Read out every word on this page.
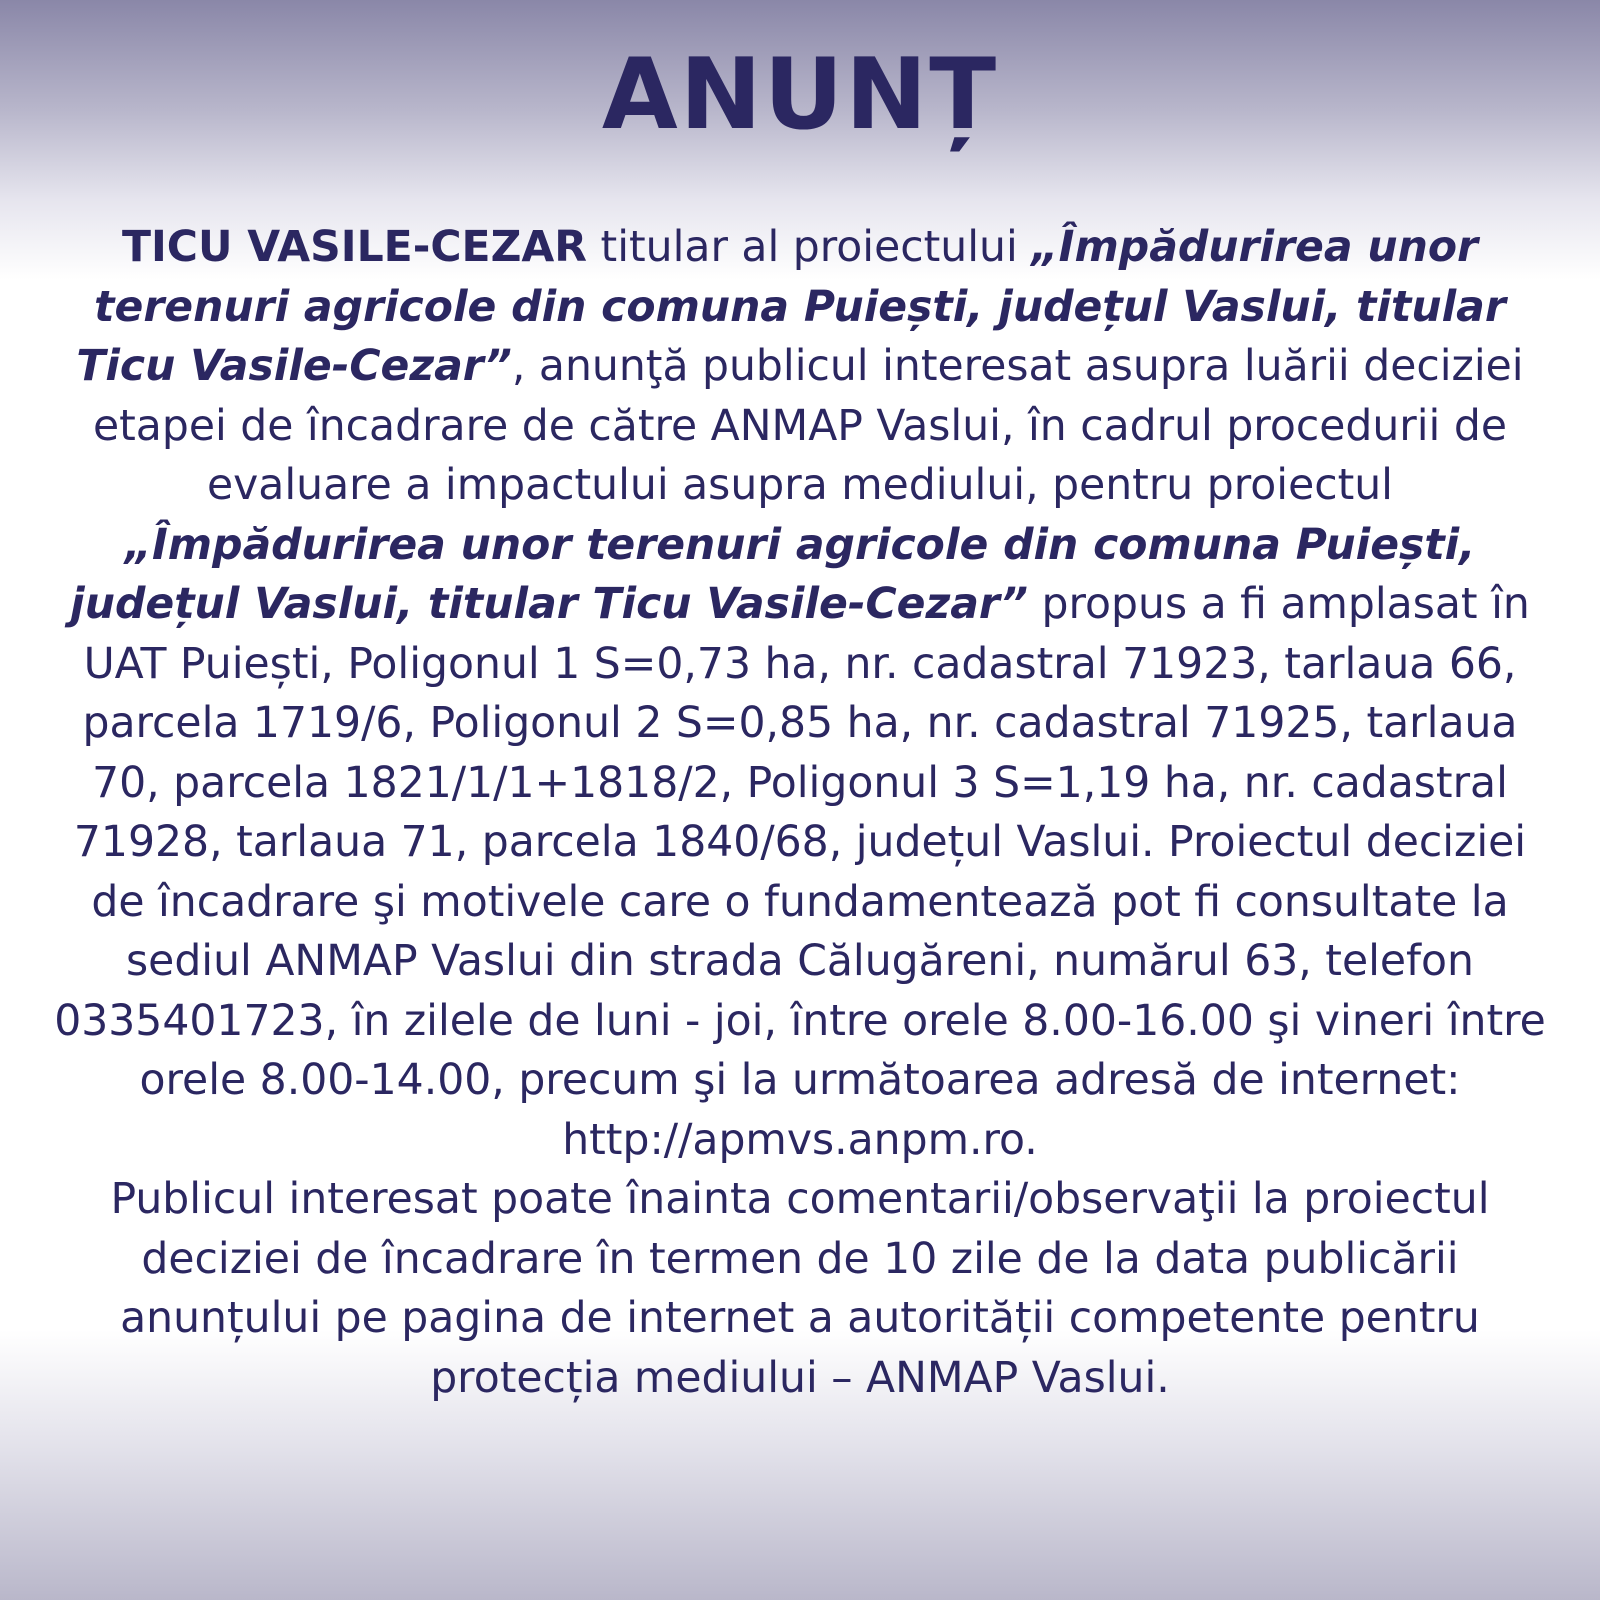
ANUNȚ

TICU VASILE-CEZAR titular al proiectului „Împădurirea unor terenuri agricole din comuna Puiești, județul Vaslui, titular Ticu Vasile-Cezar”, anunţă publicul interesat asupra luării deciziei etapei de încadrare de către ANMAP Vaslui, în cadrul procedurii de evaluare a impactului asupra mediului, pentru proiectul „Împădurirea unor terenuri agricole din comuna Puiești, județul Vaslui, titular Ticu Vasile-Cezar” propus a fi amplasat în UAT Puiești, Poligonul 1 S=0,73 ha, nr. cadastral 71923, tarlaua 66, parcela 1719/6, Poligonul 2 S=0,85 ha, nr. cadastral 71925, tarlaua 70, parcela 1821/1/1+1818/2, Poligonul 3 S=1,19 ha, nr. cadastral 71928, tarlaua 71, parcela 1840/68, județul Vaslui. Proiectul deciziei de încadrare şi motivele care o fundamentează pot fi consultate la sediul ANMAP Vaslui din strada Călugăreni, numărul 63, telefon 0335401723, în zilele de luni - joi, între orele 8.00-16.00 şi vineri între orele 8.00-14.00, precum şi la următoarea adresă de internet: http://apmvs.anpm.ro.

Publicul interesat poate înainta comentarii/observaţii la proiectul deciziei de încadrare în termen de 10 zile de la data publicării anunțului pe pagina de internet a autorității competente pentru protecția mediului – ANMAP Vaslui.
